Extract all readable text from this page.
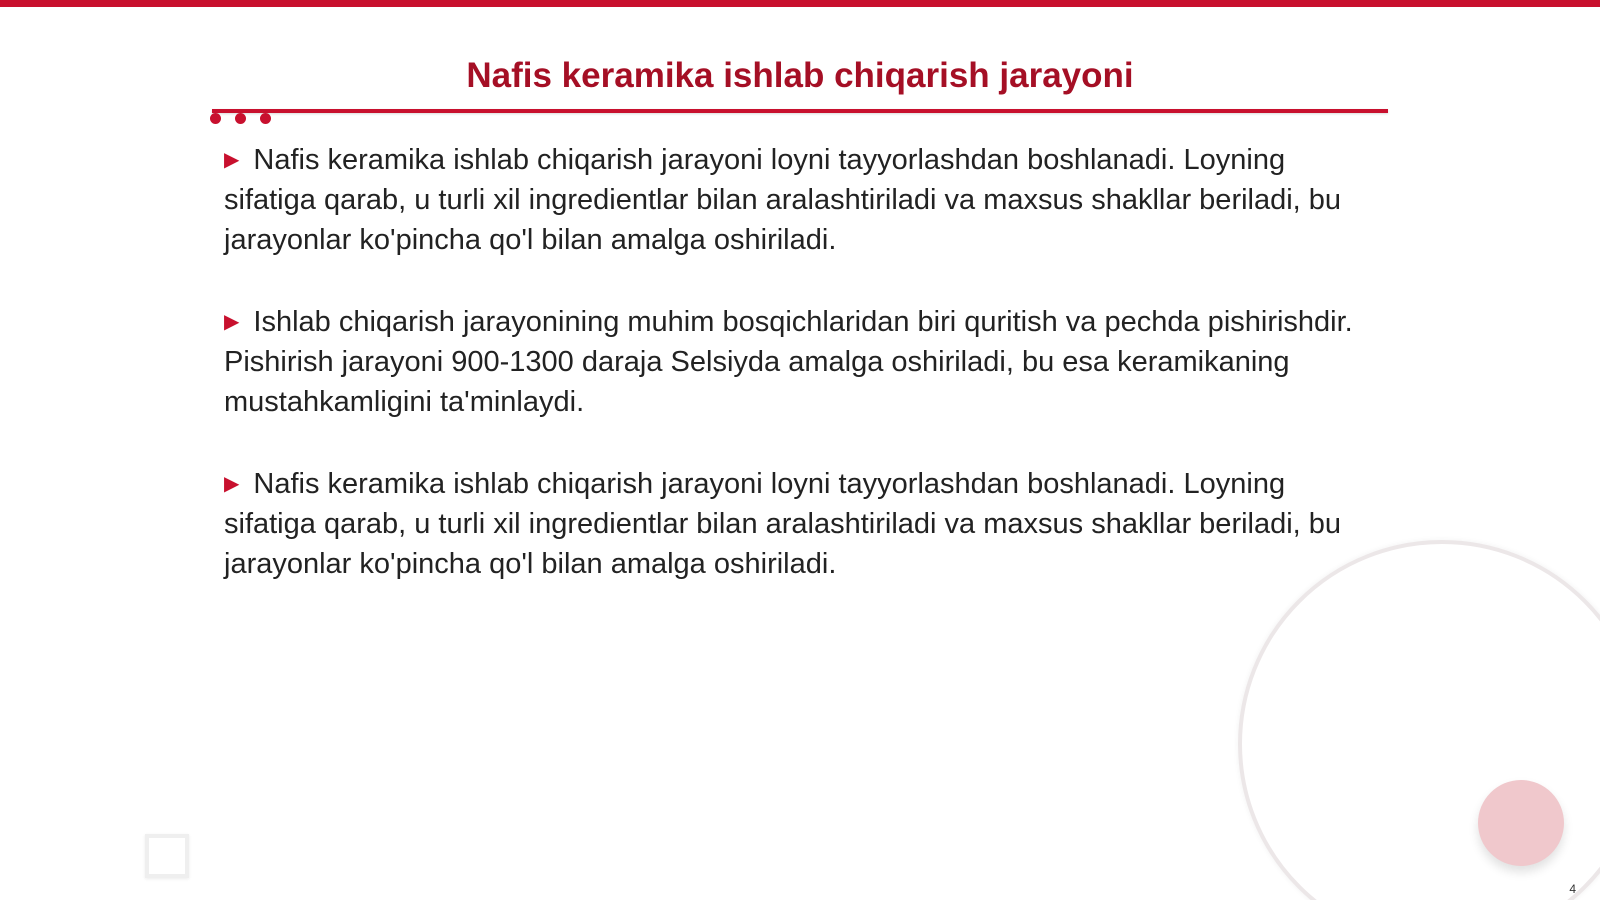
Nafis keramika ishlab chiqarish jarayoni
▶ Nafis keramika ishlab chiqarish jarayoni loyni tayyorlashdan boshlanadi. Loyning sifatiga qarab, u turli xil ingredientlar bilan aralashtiriladi va maxsus shakllar beriladi, bu jarayonlar ko'pincha qo'l bilan amalga oshiriladi.
▶ Ishlab chiqarish jarayonining muhim bosqichlaridan biri quritish va pechda pishirishdir. Pishirish jarayoni 900-1300 daraja Selsiyda amalga oshiriladi, bu esa keramikaning mustahkamligini ta'minlaydi.
▶ Nafis keramika ishlab chiqarish jarayoni loyni tayyorlashdan boshlanadi. Loyning sifatiga qarab, u turli xil ingredientlar bilan aralashtiriladi va maxsus shakllar beriladi, bu jarayonlar ko'pincha qo'l bilan amalga oshiriladi.
4
